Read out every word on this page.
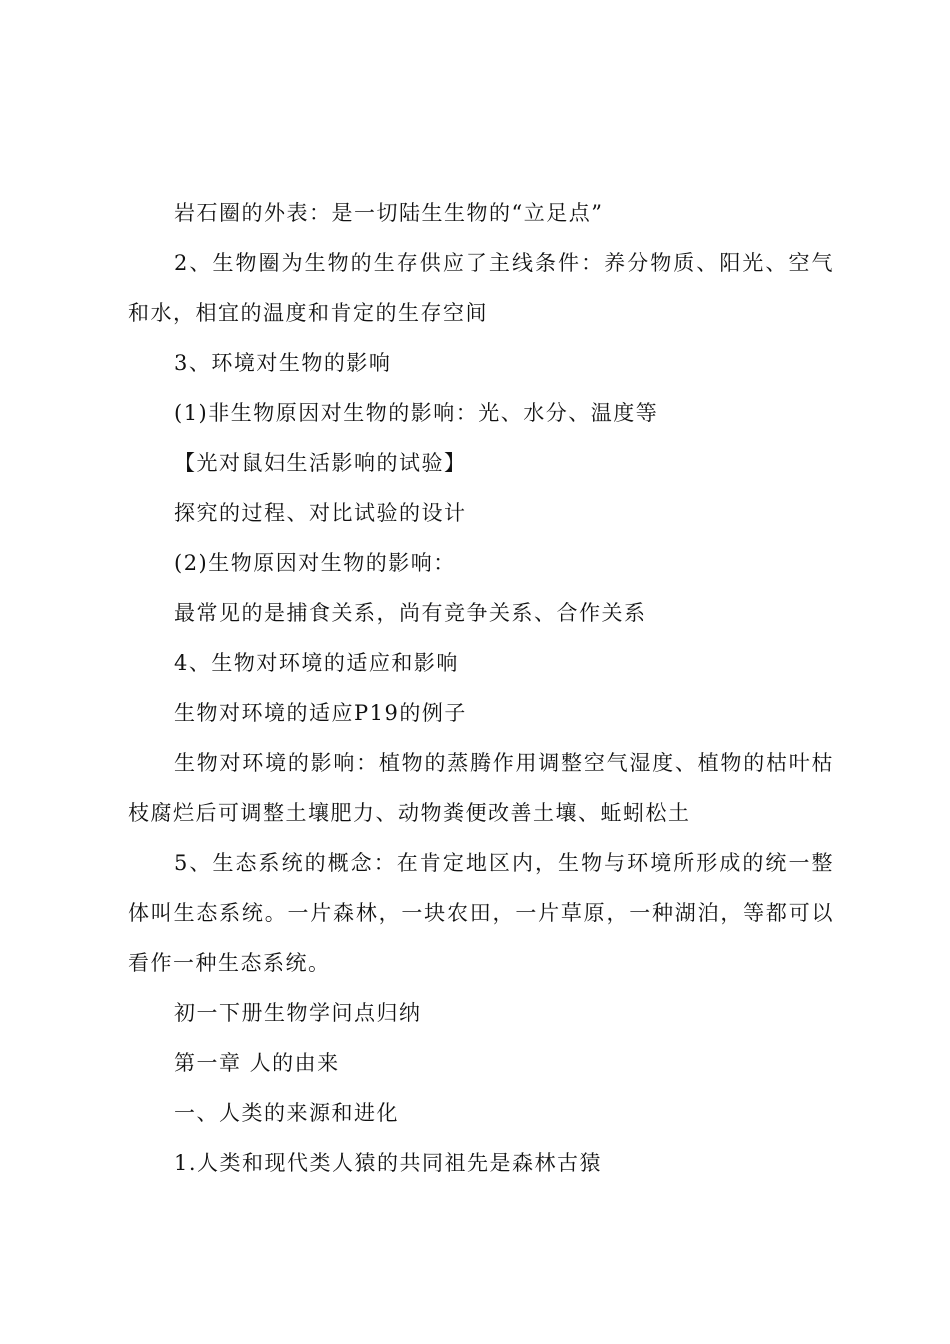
岩石圈的外表：是一切陆生生物的“立足点”

2、生物圈为生物的生存供应了主线条件：养分物质、阳光、空气和水，相宜的温度和肯定的生存空间

3、环境对生物的影响

(1)非生物原因对生物的影响：光、水分、温度等

【光对鼠妇生活影响的试验】

探究的过程、对比试验的设计

(2)生物原因对生物的影响：

最常见的是捕食关系，尚有竞争关系、合作关系

4、生物对环境的适应和影响

生物对环境的适应P19的例子

生物对环境的影响：植物的蒸腾作用调整空气湿度、植物的枯叶枯枝腐烂后可调整土壤肥力、动物粪便改善土壤、蚯蚓松土

5、生态系统的概念：在肯定地区内，生物与环境所形成的统一整体叫生态系统。一片森林，一块农田，一片草原，一种湖泊，等都可以看作一种生态系统。

初一下册生物学问点归纳

第一章 人的由来

一、人类的来源和进化

1.人类和现代类人猿的共同祖先是森林古猿
